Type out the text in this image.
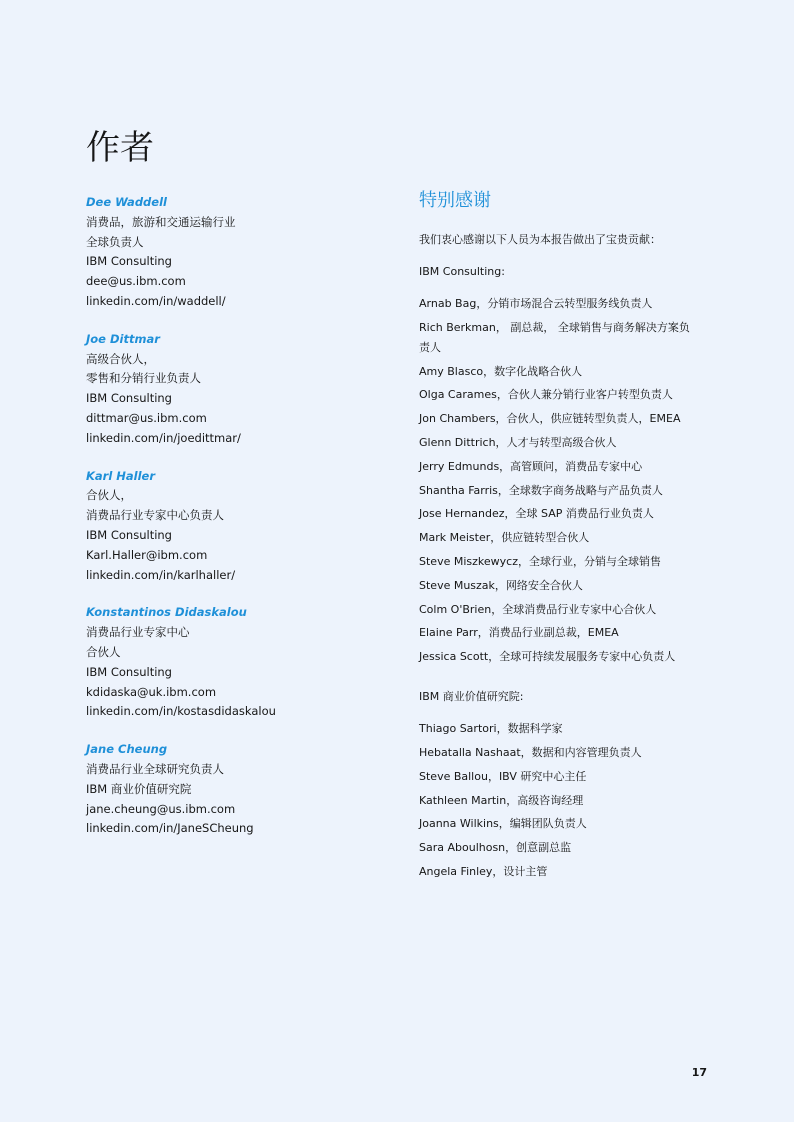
作者
Dee Waddell
消费品，旅游和交通运输行业
全球负责人
IBM Consulting
dee@us.ibm.com
linkedin.com/in/waddell/
Joe Dittmar
高级合伙人，
零售和分销行业负责人
IBM Consulting
dittmar@us.ibm.com
linkedin.com/in/joedittmar/
Karl Haller
合伙人，
消费品行业专家中心负责人
IBM Consulting
Karl.Haller@ibm.com
linkedin.com/in/karlhaller/
Konstantinos Didaskalou
消费品行业专家中心
合伙人
IBM Consulting
kdidaska@uk.ibm.com
linkedin.com/in/kostasdidaskalou
Jane Cheung
消费品行业全球研究负责人
IBM 商业价值研究院
jane.cheung@us.ibm.com
linkedin.com/in/JaneSCheung
特别感谢
我们衷心感谢以下人员为本报告做出了宝贵贡献：
IBM Consulting:
Arnab Bag，分销市场混合云转型服务线负责人
Rich Berkman， 副总裁， 全球销售与商务解决方案负
责人
Amy Blasco，数字化战略合伙人
Olga Carames，合伙人兼分销行业客户转型负责人
Jon Chambers，合伙人，供应链转型负责人，EMEA
Glenn Dittrich，人才与转型高级合伙人
Jerry Edmunds，高管顾问，消费品专家中心
Shantha Farris，全球数字商务战略与产品负责人
Jose Hernandez，全球 SAP 消费品行业负责人
Mark Meister，供应链转型合伙人
Steve Miszkewycz，全球行业，分销与全球销售
Steve Muszak，网络安全合伙人
Colm O'Brien，全球消费品行业专家中心合伙人
Elaine Parr，消费品行业副总裁，EMEA
Jessica Scott，全球可持续发展服务专家中心负责人
IBM 商业价值研究院:
Thiago Sartori，数据科学家
Hebatalla Nashaat，数据和内容管理负责人
Steve Ballou，IBV 研究中心主任
Kathleen Martin，高级咨询经理
Joanna Wilkins，编辑团队负责人
Sara Aboulhosn，创意副总监
Angela Finley，设计主管
17
